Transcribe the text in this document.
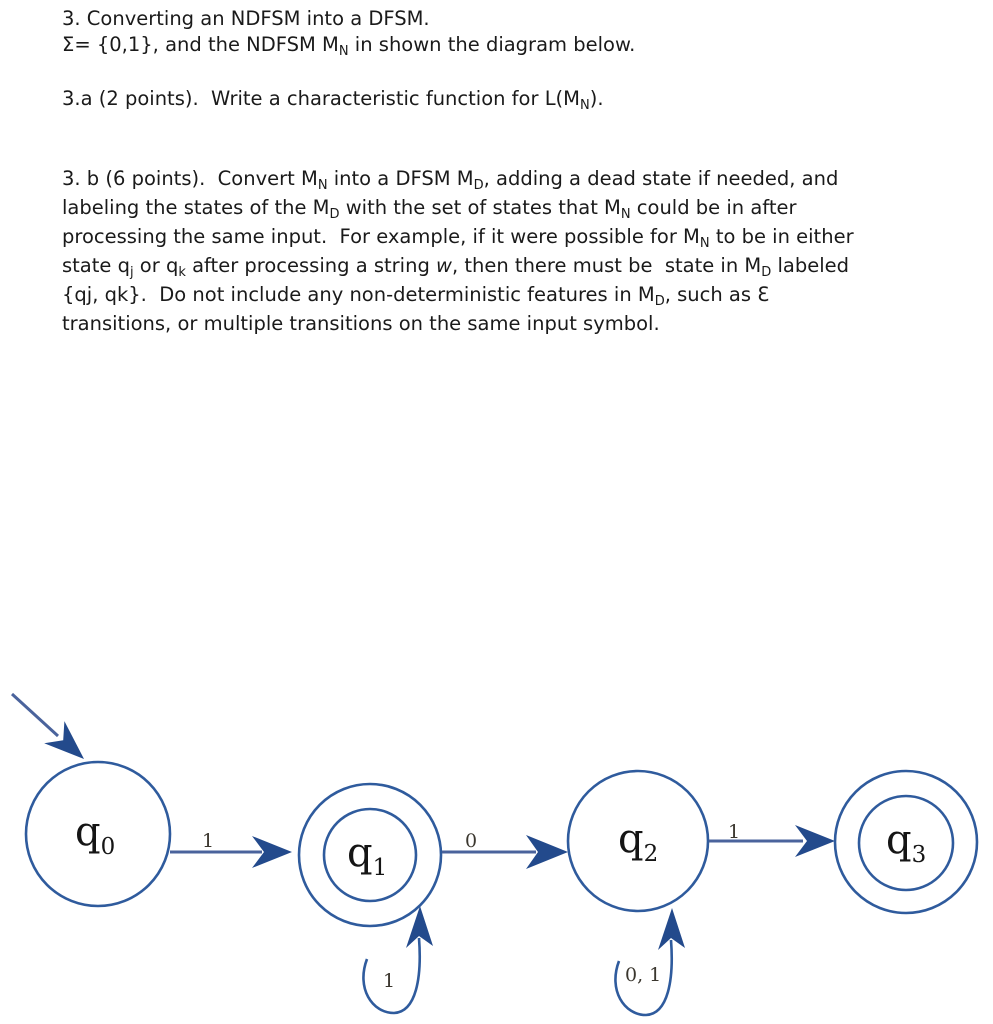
3. Converting an NDFSM into a DFSM.
Σ= {0,1}, and the NDFSM $M_N$ in shown the diagram below.
3.a (2 points).  Write a characteristic function for $L(M_N)$.
3. b (6 points).  Convert $M_N$ into a DFSM $M_D$, adding a dead state if needed, and
labeling the states of the $M_D$ with the set of states that $M_N$ could be in after
processing the same input.  For example, if it were possible for $M_N$ to be in either
state $q_j$ or $q_k$ after processing a string w, then there must be  state in $M_D$ labeled
{qj, qk}.  Do not include any non-deterministic features in $M_D$, such as Ɛ
transitions, or multiple transitions on the same input symbol.
$q_0$	1	$q_1$
0	$q_2$
1	$q_3$
1	0, 1
